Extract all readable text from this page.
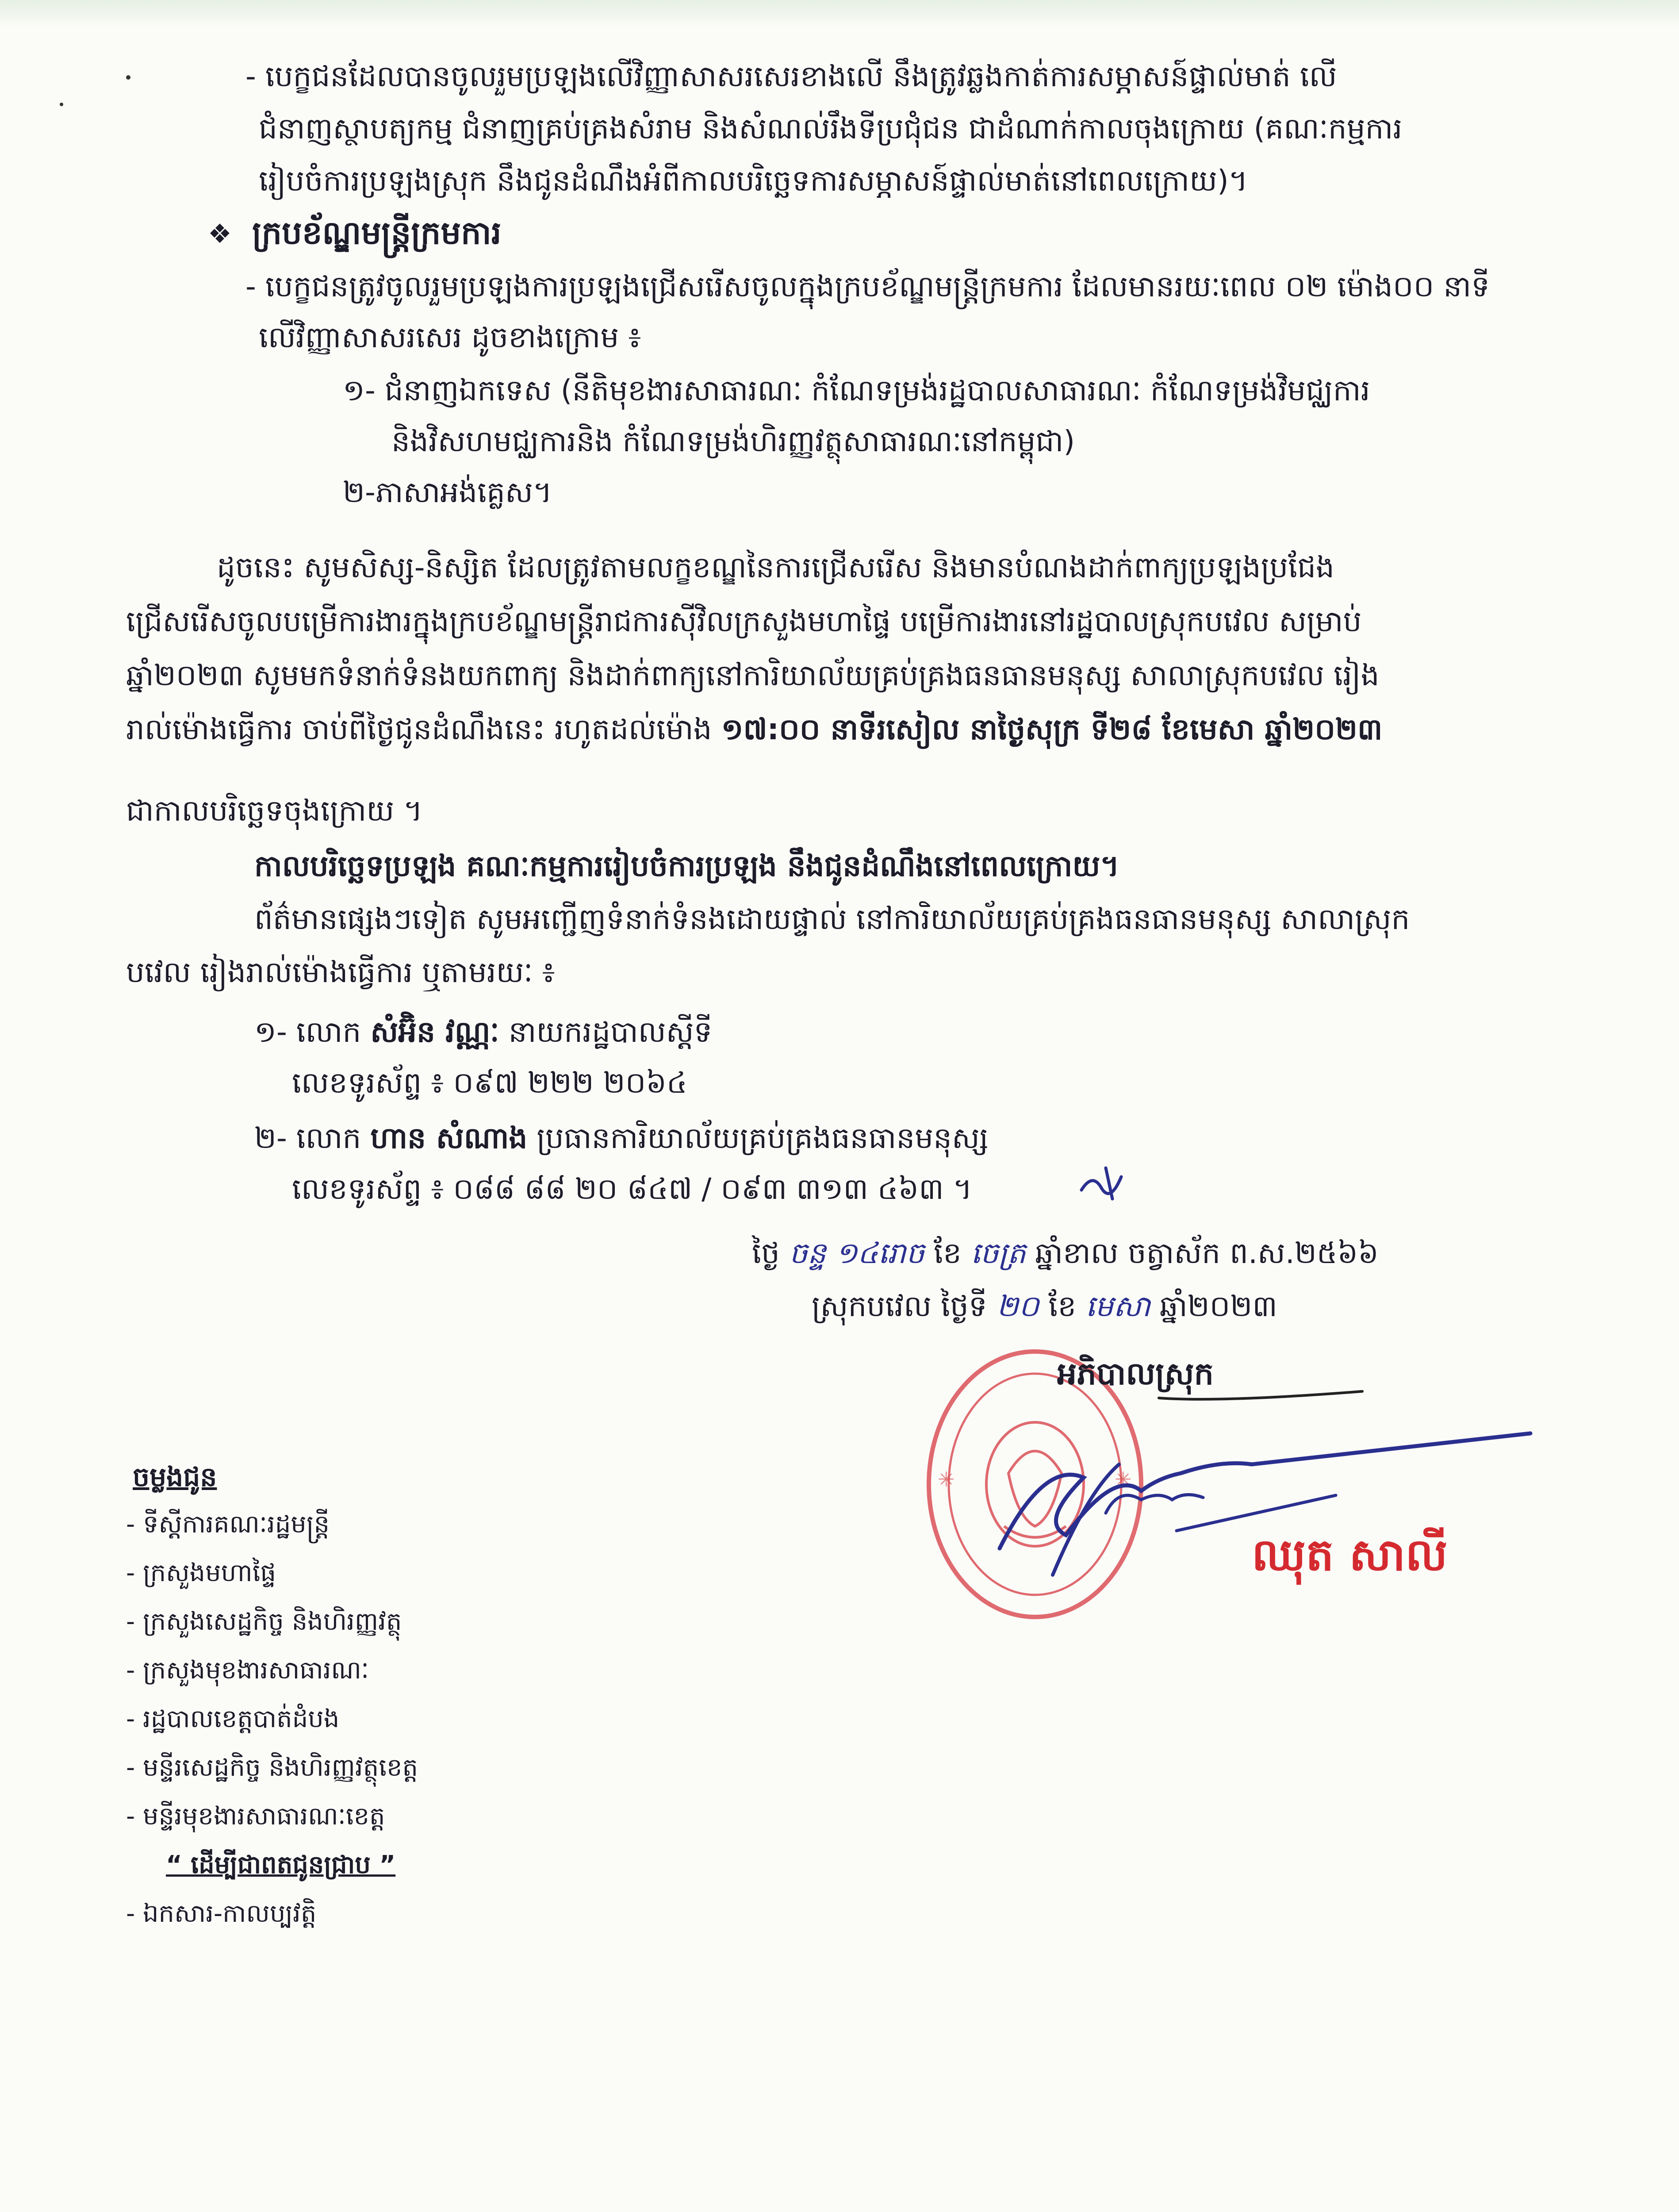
- បេក្ខជនដែលបានចូលរួមប្រឡងលើវិញ្ញាសាសរសេរខាងលើ នឹងត្រូវឆ្លងកាត់ការសម្ភាសន៍ផ្ទាល់មាត់ លើ
ជំនាញស្ថាបត្យកម្ម ជំនាញគ្រប់គ្រងសំរាម និងសំណល់រឹងទីប្រជុំជន ជាដំណាក់កាលចុងក្រោយ (គណៈកម្មការ
រៀបចំការប្រឡងស្រុក នឹងជូនដំណឹងអំពីកាលបរិច្ឆេទការសម្ភាសន៍ផ្ទាល់មាត់នៅពេលក្រោយ)។
❖ ក្របខ័ណ្ឌមន្ត្រីក្រមការ
- បេក្ខជនត្រូវចូលរួមប្រឡងការប្រឡងជ្រើសរើសចូលក្នុងក្របខ័ណ្ឌមន្ត្រីក្រមការ ដែលមានរយៈពេល ០២ ម៉ោង០០ នាទី
លើវិញ្ញាសាសរសេរ ដូចខាងក្រោម ៖
១- ជំនាញឯកទេស (នីតិមុខងារសាធារណៈ កំណែទម្រង់រដ្ឋបាលសាធារណៈ កំណែទម្រង់វិមជ្ឈការ
និងវិសហមជ្ឈការនិង កំណែទម្រង់ហិរញ្ញវត្ថុសាធារណៈនៅកម្ពុជា)
២-ភាសាអង់គ្លេស។
ដូចនេះ សូមសិស្ស-និស្សិត ដែលត្រូវតាមលក្ខខណ្ឌនៃការជ្រើសរើស និងមានបំណងដាក់ពាក្យប្រឡងប្រជែង
ជ្រើសរើសចូលបម្រើការងារក្នុងក្របខ័ណ្ឌមន្ត្រីរាជការស៊ីវិលក្រសួងមហាផ្ទៃ បម្រើការងារនៅរដ្ឋបាលស្រុកបវេល សម្រាប់
ឆ្នាំ២០២៣ សូមមកទំនាក់ទំនងយកពាក្យ និងដាក់ពាក្យនៅការិយាល័យគ្រប់គ្រងធនធានមនុស្ស សាលាស្រុកបវេល រៀង
រាល់ម៉ោងធ្វើការ ចាប់ពីថ្ងៃជូនដំណឹងនេះ រហូតដល់ម៉ោង ១៧:០០ នាទីរសៀល នាថ្ងៃសុក្រ ទី២៨ ខែមេសា ឆ្នាំ២០២៣
ជាកាលបរិច្ឆេទចុងក្រោយ ។
កាលបរិច្ឆេទប្រឡង គណៈកម្មការរៀបចំការប្រឡង នឹងជូនដំណឹងនៅពេលក្រោយ។
ព័ត៌មានផ្សេងៗទៀត សូមអញ្ជើញទំនាក់ទំនងដោយផ្ទាល់ នៅការិយាល័យគ្រប់គ្រងធនធានមនុស្ស សាលាស្រុក
បវេល រៀងរាល់ម៉ោងធ្វើការ ឬតាមរយៈ ៖
១- លោក សំអ៊ិន វណ្ណៈ នាយករដ្ឋបាលស្តីទី
លេខទូរស័ព្ទ ៖ ០៩៧ ២២២ ២០៦៤
២- លោក ហាន សំណាង ប្រធានការិយាល័យគ្រប់គ្រងធនធានមនុស្ស
លេខទូរស័ព្ទ ៖ ០៨៨ ៨៨ ២០ ៨៤៧ / ០៩៣ ៣១៣ ៤៦៣ ។
ថ្ងៃ ចន្ទ ១៤រោច ខែ ចេត្រ ឆ្នាំខាល ចត្វាស័ក ព.ស.២៥៦៦
ស្រុកបវេល ថ្ងៃទី ២០ ខែ មេសា ឆ្នាំ២០២៣
✳	✳
អភិបាលស្រុក
ឈុត សាលី
ចម្លងជូន
- ទីស្តីការគណៈរដ្ឋមន្ត្រី
- ក្រសួងមហាផ្ទៃ
- ក្រសួងសេដ្ឋកិច្ច និងហិរញ្ញវត្ថុ
- ក្រសួងមុខងារសាធារណៈ
- រដ្ឋបាលខេត្តបាត់ដំបង
- មន្ទីរសេដ្ឋកិច្ច និងហិរញ្ញវត្ថុខេត្ត
- មន្ទីរមុខងារសាធារណៈខេត្ត
“ ដើម្បីជាពតជូនជ្រាប ”
- ឯកសារ-កាលប្បវត្តិ
